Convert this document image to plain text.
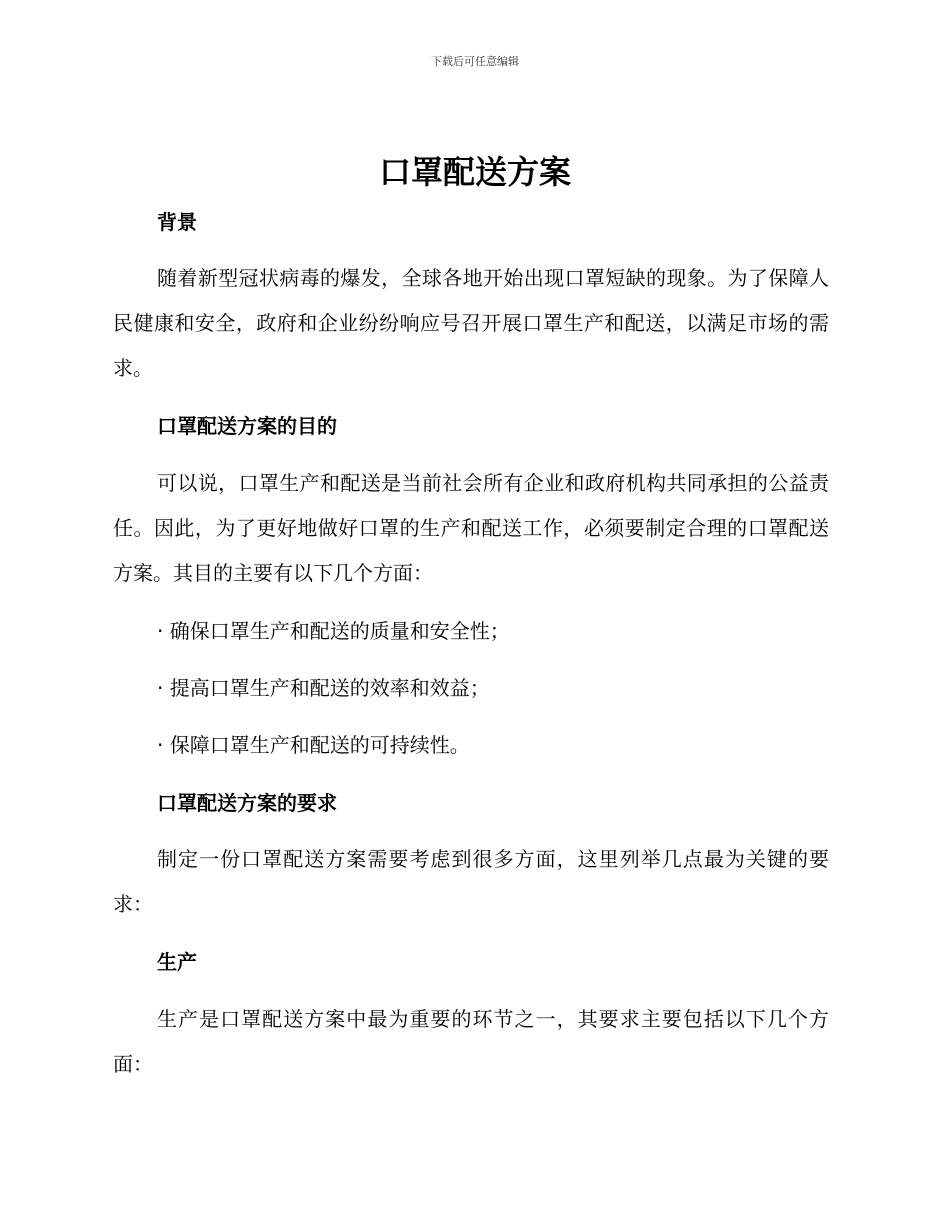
下载后可任意编辑
口罩配送方案
背景
随着新型冠状病毒的爆发，全球各地开始出现口罩短缺的现象。为了保障人民健康和安全，政府和企业纷纷响应号召开展口罩生产和配送，以满足市场的需求。
口罩配送方案的目的
可以说，口罩生产和配送是当前社会所有企业和政府机构共同承担的公益责任。因此，为了更好地做好口罩的生产和配送工作，必须要制定合理的口罩配送方案。其目的主要有以下几个方面：
· 确保口罩生产和配送的质量和安全性；
· 提高口罩生产和配送的效率和效益；
· 保障口罩生产和配送的可持续性。
口罩配送方案的要求
制定一份口罩配送方案需要考虑到很多方面，这里列举几点最为关键的要求：
生产
生产是口罩配送方案中最为重要的环节之一，其要求主要包括以下几个方面：
